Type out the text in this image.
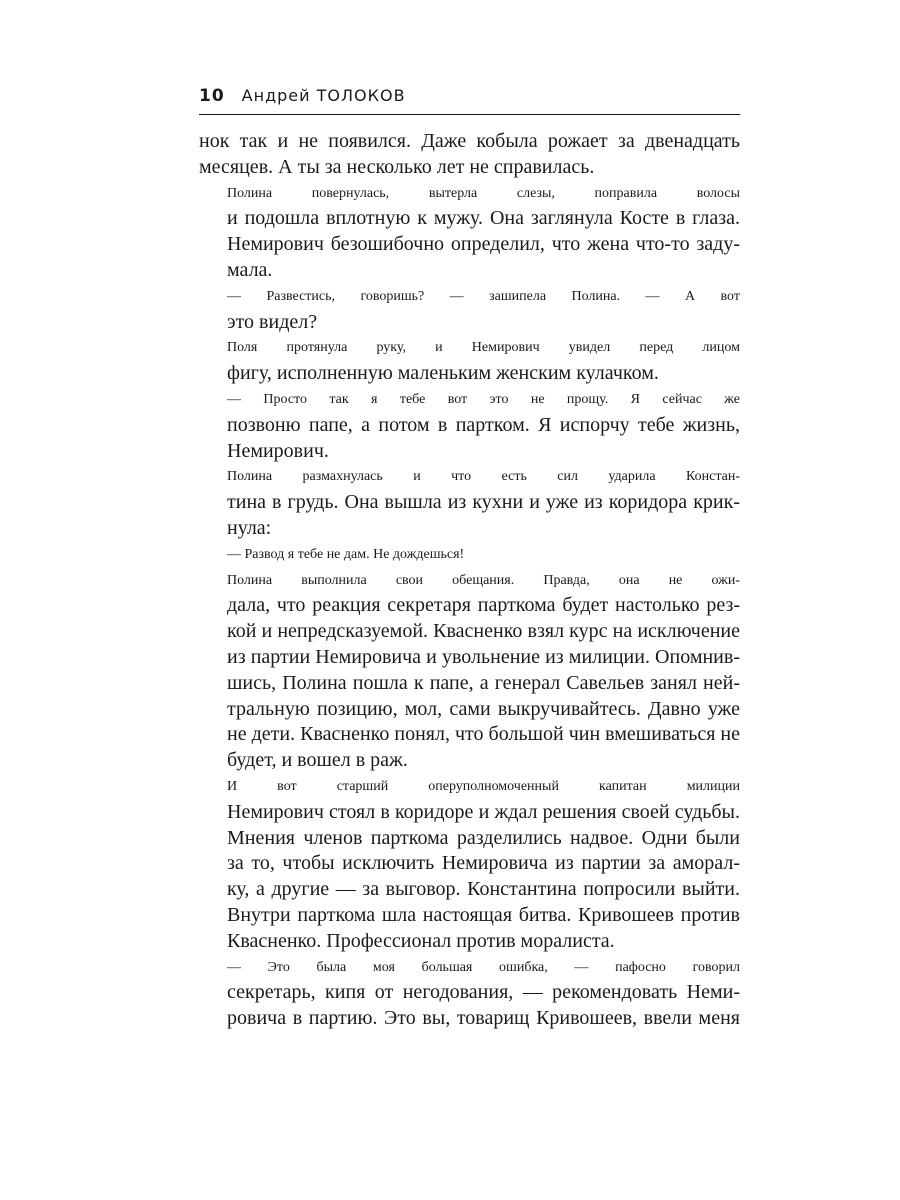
10 Андрей ТОЛОКОВ

нок так и не появился. Даже кобыла рожает за двенадцать
месяцев. А ты за несколько лет не справилась.

Полина повернулась, вытерла слезы, поправила волосы
и подошла вплотную к мужу. Она заглянула Косте в глаза.
Немирович безошибочно определил, что жена что-то заду-
мала.

— Развестись, говоришь? — зашипела Полина. — А вот
это видел?

Поля протянула руку, и Немирович увидел перед лицом
фигу, исполненную маленьким женским кулачком.

— Просто так я тебе вот это не прощу. Я сейчас же
позвоню папе, а потом в партком. Я испорчу тебе жизнь,
Немирович.

Полина размахнулась и что есть сил ударила Констан-
тина в грудь. Она вышла из кухни и уже из коридора крик-
нула:

— Развод я тебе не дам. Не дождешься!

Полина выполнила свои обещания. Правда, она не ожи-
дала, что реакция секретаря парткома будет настолько рез-
кой и непредсказуемой. Квасненко взял курс на исключение
из партии Немировича и увольнение из милиции. Опомнив-
шись, Полина пошла к папе, а генерал Савельев занял ней-
тральную позицию, мол, сами выкручивайтесь. Давно уже
не дети. Квасненко понял, что большой чин вмешиваться не
будет, и вошел в раж.

И вот старший оперуполномоченный капитан милиции
Немирович стоял в коридоре и ждал решения своей судьбы.
Мнения членов парткома разделились надвое. Одни были
за то, чтобы исключить Немировича из партии за аморал-
ку, а другие — за выговор. Константина попросили выйти.
Внутри парткома шла настоящая битва. Кривошеев против
Квасненко. Профессионал против моралиста.

— Это была моя большая ошибка, — пафосно говорил
секретарь, кипя от негодования, — рекомендовать Неми-
ровича в партию. Это вы, товарищ Кривошеев, ввели меня
